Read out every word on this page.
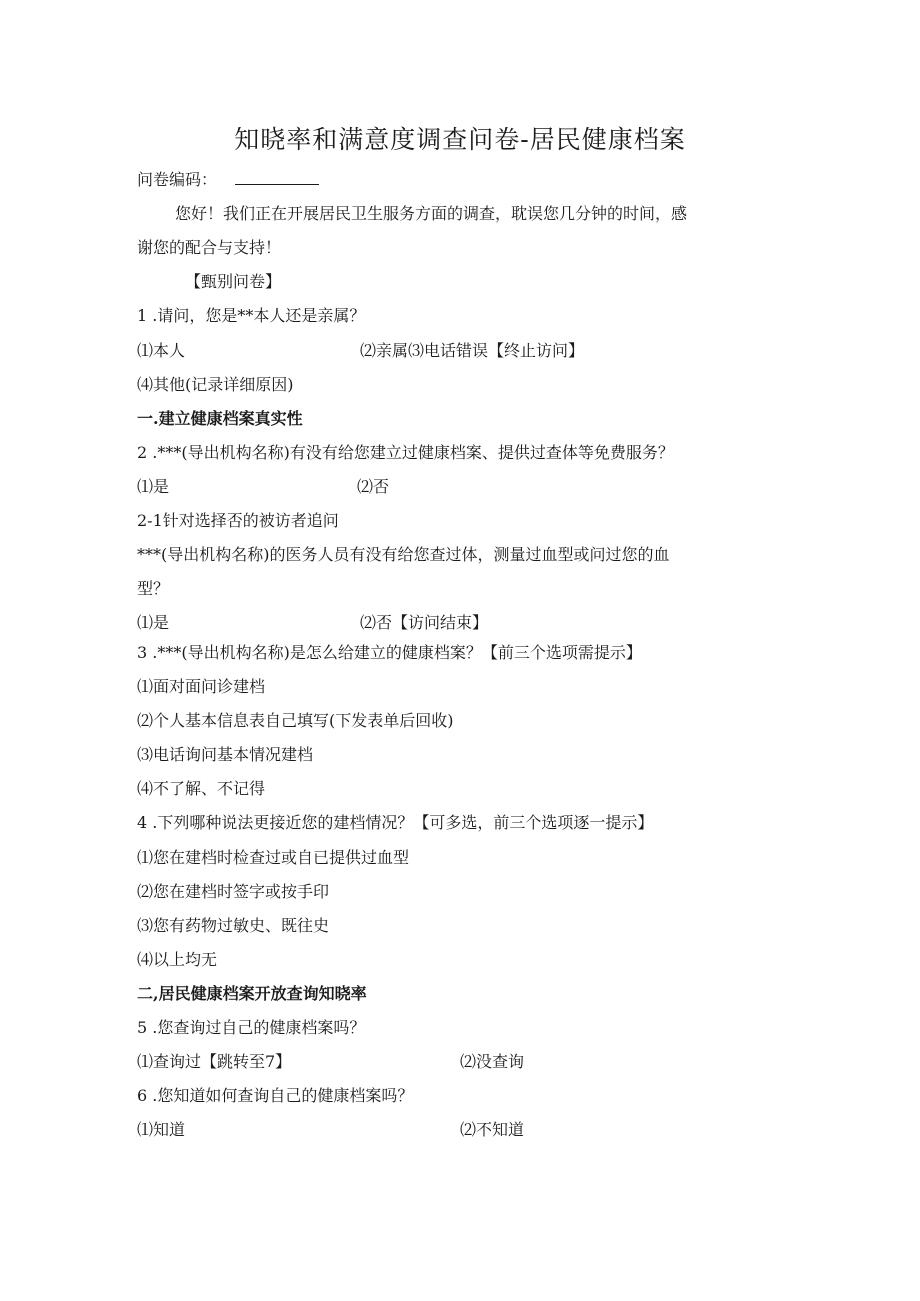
知晓率和满意度调查问卷-居民健康档案
问卷编码：
您好！我们正在开展居民卫生服务方面的调查，耽误您几分钟的时间，感
谢您的配合与支持！
【甄别问卷】
1 .请问，您是**本人还是亲属？
⑴本人	⑵亲属⑶电话错误【终止访问】
⑷其他(记录详细原因)
一.建立健康档案真实性
2 .***(导出机构名称)有没有给您建立过健康档案、提供过查体等免费服务？
⑴是	⑵否
2-1针对选择否的被访者追问
***(导出机构名称)的医务人员有没有给您查过体，测量过血型或问过您的血
型？
⑴是	⑵否【访问结束】
3 .***(导出机构名称)是怎么给建立的健康档案？【前三个选项需提示】
⑴面对面问诊建档
⑵个人基本信息表自己填写(下发表单后回收)
⑶电话询问基本情况建档
⑷不了解、不记得
4 .下列哪种说法更接近您的建档情况？【可多选，前三个选项逐一提示】
⑴您在建档时检查过或自已提供过血型
⑵您在建档时签字或按手印
⑶您有药物过敏史、既往史
⑷以上均无
二,居民健康档案开放查询知晓率
5 .您查询过自己的健康档案吗？
⑴查询过【跳转至7】	⑵没查询
6 .您知道如何查询自己的健康档案吗？
⑴知道	⑵不知道
